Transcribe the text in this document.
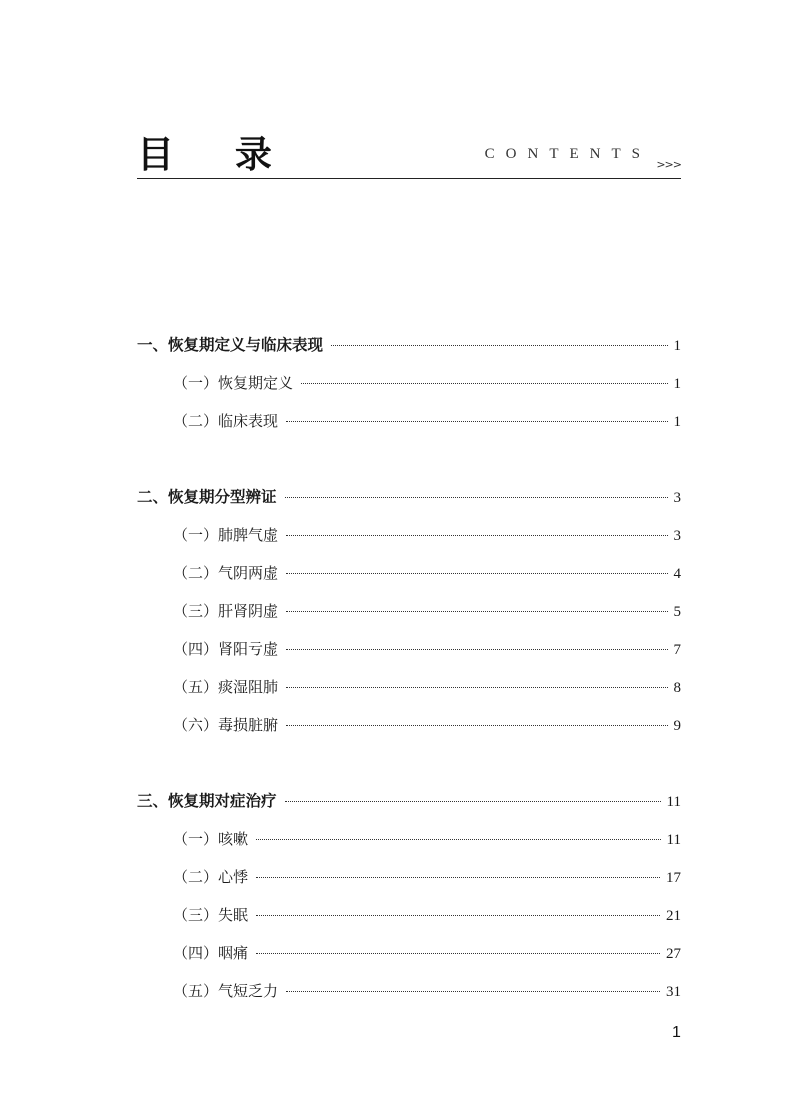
目 录	CONTENTS
>>>
一、恢复期定义与临床表现	1
（一）恢复期定义	1
（二）临床表现	1
二、恢复期分型辨证	3
（一）肺脾气虚	3
（二）气阴两虚	4
（三）肝肾阴虚	5
（四）肾阳亏虚	7
（五）痰湿阻肺	8
（六）毒损脏腑	9
三、恢复期对症治疗	11
（一）咳嗽	11
（二）心悸	17
（三）失眠	21
（四）咽痛	27
（五）气短乏力	31
1
